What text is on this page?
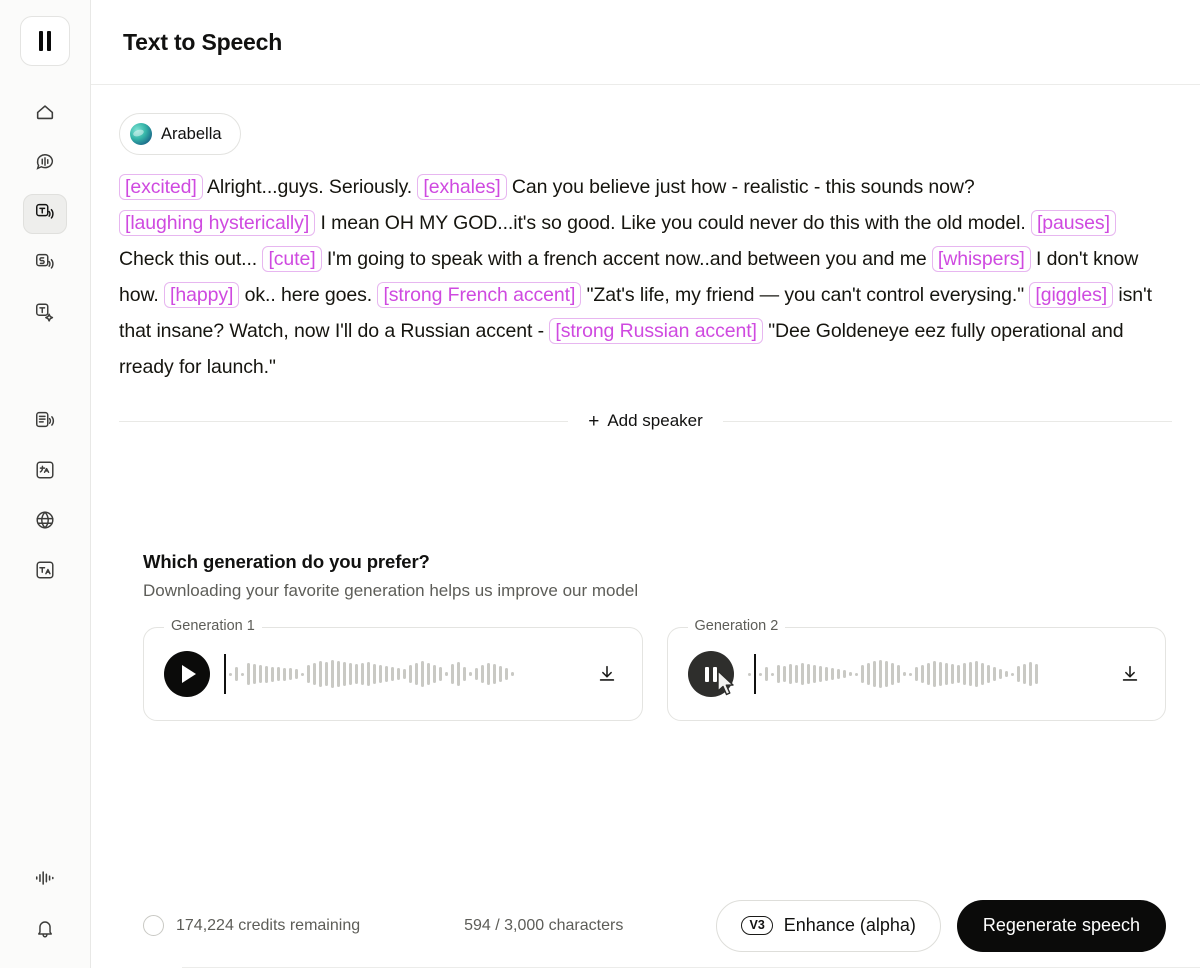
Text to Speech
Arabella
[excited] Alright...guys. Seriously. [exhales] Can you believe just how - realistic - this sounds now? [laughing hysterically] I mean OH MY GOD...it's so good. Like you could never do this with the old model. [pauses]
Check this out... [cute] I'm going to speak with a french accent now..and between you and me [whispers] I don't know how. [happy] ok.. here goes. [strong French accent] "Zat's life, my friend — you can't control everysing." [giggles] isn't that insane? Watch, now I'll do a Russian accent - [strong Russian accent] "Dee Goldeneye eez fully operational and rready for launch."
+ Add speaker
Which generation do you prefer?
Downloading your favorite generation helps us improve our model
Generation 1	Generation 2
174,224 credits remaining	594 / 3,000 characters	V3	Enhance (alpha)	Regenerate speech
